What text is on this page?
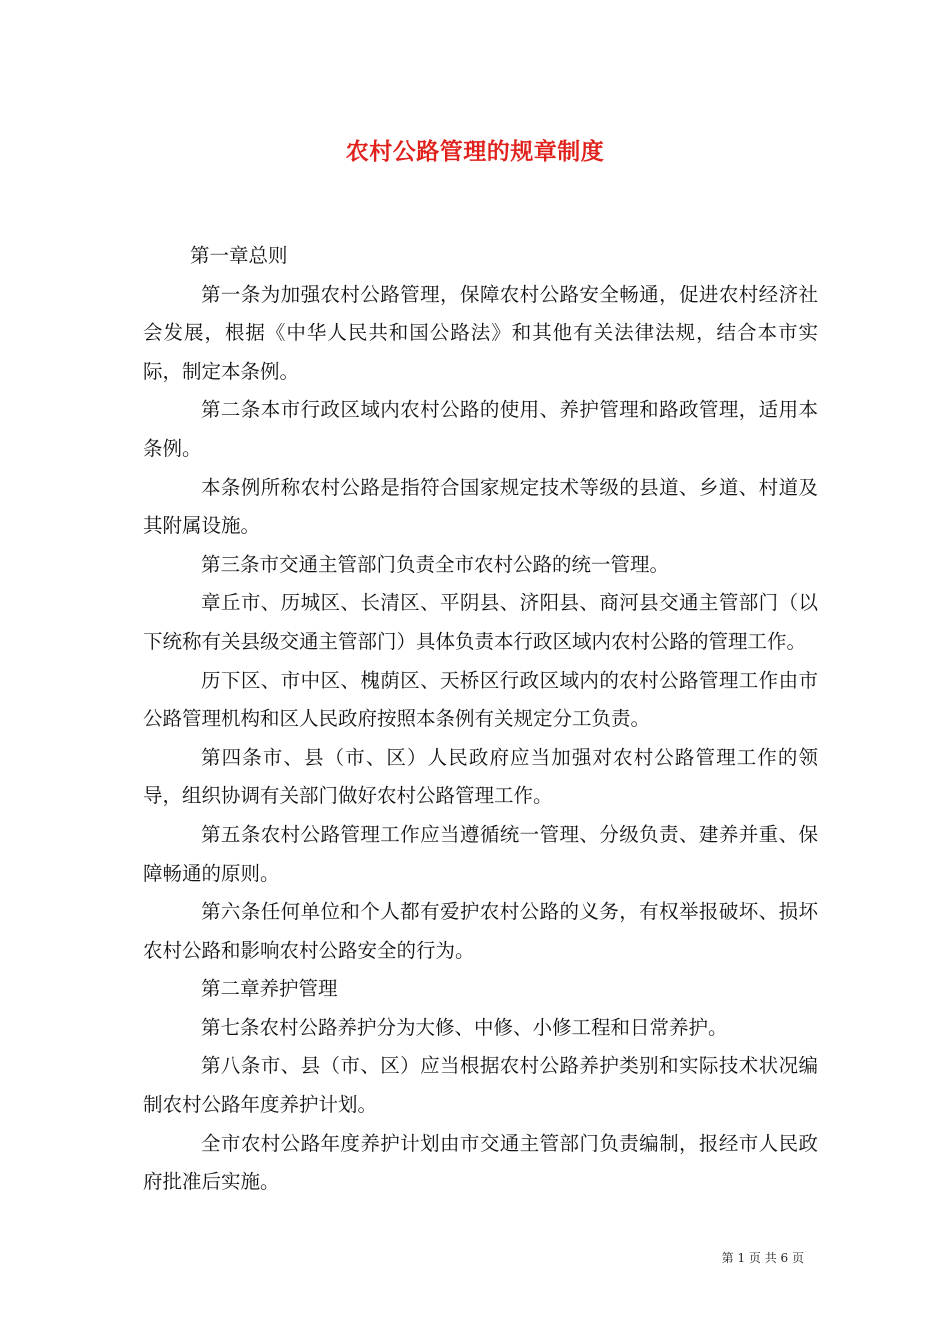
农村公路管理的规章制度

第一章总则

第一条为加强农村公路管理，保障农村公路安全畅通，促进农村经济社会发展，根据《中华人民共和国公路法》和其他有关法律法规，结合本市实际，制定本条例。

第二条本市行政区域内农村公路的使用、养护管理和路政管理，适用本条例。

本条例所称农村公路是指符合国家规定技术等级的县道、乡道、村道及其附属设施。

第三条市交通主管部门负责全市农村公路的统一管理。

章丘市、历城区、长清区、平阴县、济阳县、商河县交通主管部门（以下统称有关县级交通主管部门）具体负责本行政区域内农村公路的管理工作。

历下区、市中区、槐荫区、天桥区行政区域内的农村公路管理工作由市公路管理机构和区人民政府按照本条例有关规定分工负责。

第四条市、县（市、区）人民政府应当加强对农村公路管理工作的领导，组织协调有关部门做好农村公路管理工作。

第五条农村公路管理工作应当遵循统一管理、分级负责、建养并重、保障畅通的原则。

第六条任何单位和个人都有爱护农村公路的义务，有权举报破坏、损坏农村公路和影响农村公路安全的行为。

第二章养护管理

第七条农村公路养护分为大修、中修、小修工程和日常养护。

第八条市、县（市、区）应当根据农村公路养护类别和实际技术状况编制农村公路年度养护计划。

全市农村公路年度养护计划由市交通主管部门负责编制，报经市人民政府批准后实施。

第 1 页 共 6 页
